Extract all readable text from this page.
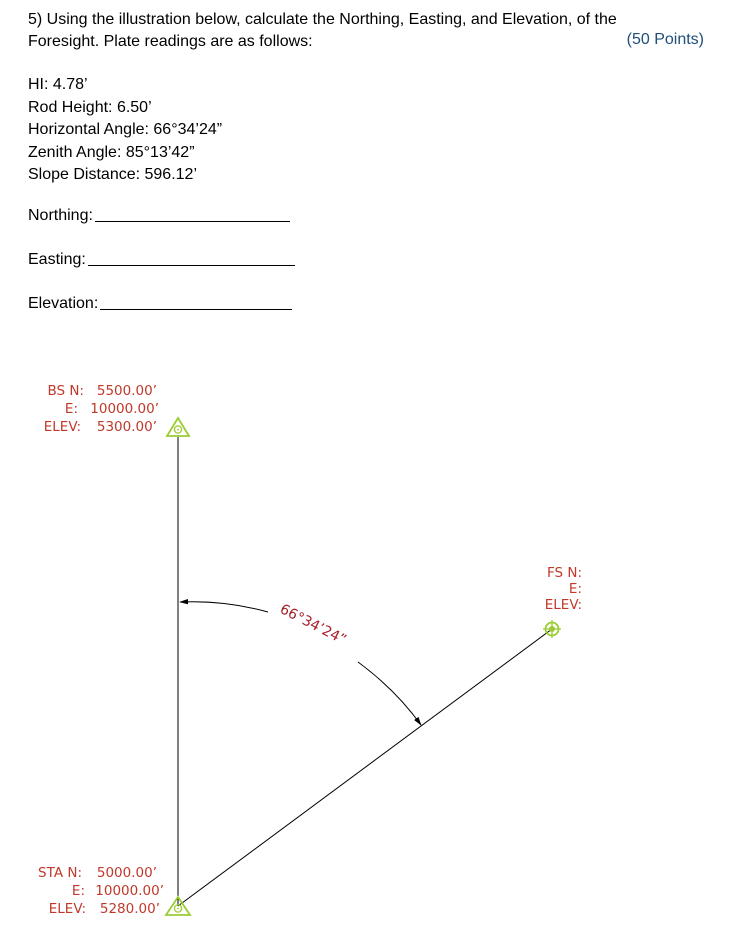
5) Using the illustration below, calculate the Northing, Easting, and Elevation, of the
Foresight. Plate readings are as follows:	(50 Points)
HI: 4.78’
Rod Height: 6.50’
Horizontal Angle: 66°34’24”
Zenith Angle: 85°13’42”
Slope Distance: 596.12’
Northing:
Easting:
Elevation:
66°34’24”
5500.00’
BS N:
E: 10000.00’
ELEV: 5300.00’
FS N:
E:
ELEV:
STA N: 5000.00’
E: 10000.00’
ELEV: 5280.00’
